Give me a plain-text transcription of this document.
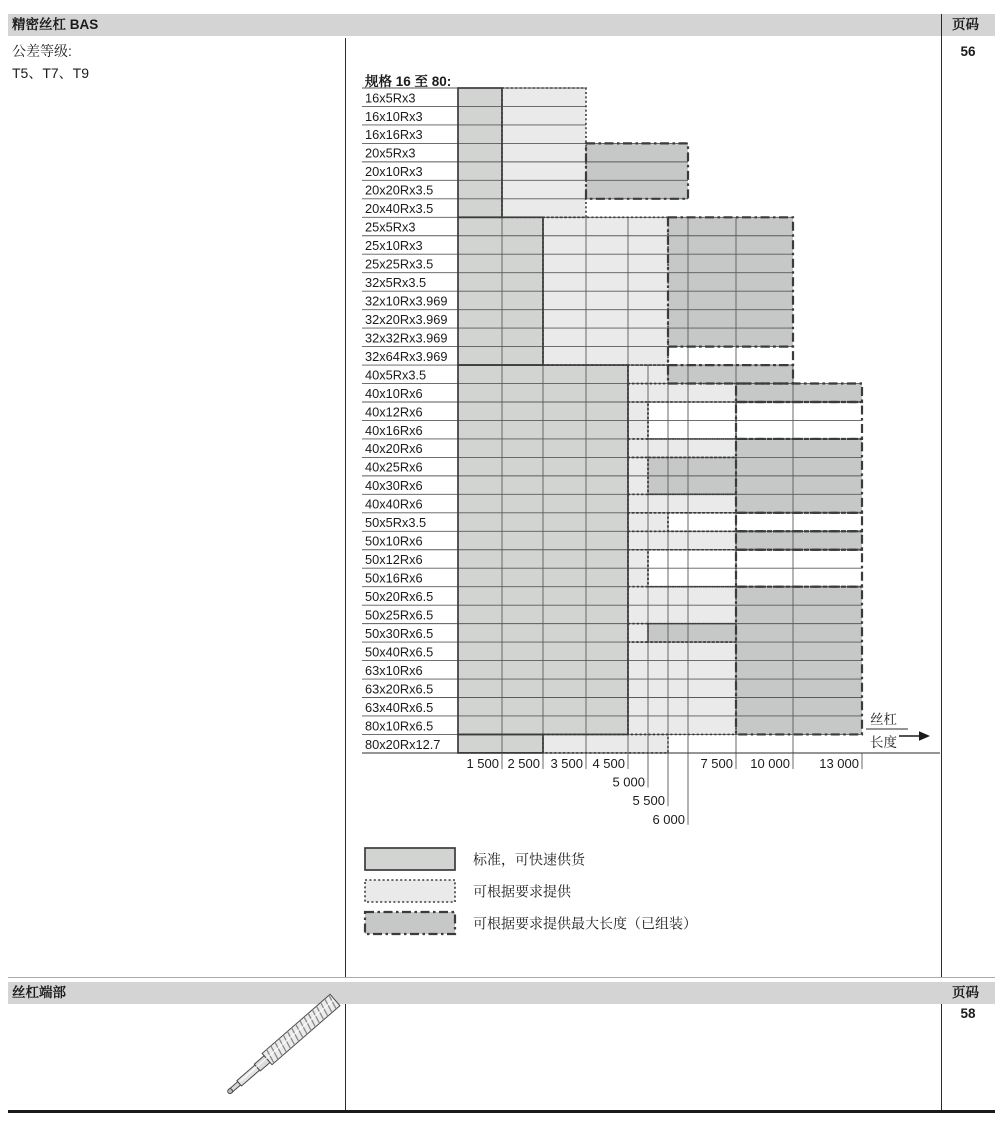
精密丝杠 BAS	页码
56
公差等级:
T5、T7、T9
规格 16 至 80:
16x5Rx3
16x10Rx3
16x16Rx3
20x5Rx3
20x10Rx3
20x20Rx3.5
20x40Rx3.5
25x5Rx3
25x10Rx3
25x25Rx3.5
32x5Rx3.5
32x10Rx3.969
32x20Rx3.969
32x32Rx3.969
32x64Rx3.969
40x5Rx3.5
40x10Rx6
40x12Rx6
40x16Rx6
40x20Rx6
40x25Rx6
40x30Rx6
40x40Rx6
50x5Rx3.5
50x10Rx6
50x12Rx6
50x16Rx6
50x20Rx6.5
50x25Rx6.5
50x30Rx6.5
50x40Rx6.5
63x10Rx6
63x20Rx6.5
63x40Rx6.5
80x10Rx6.5
80x20Rx12.7
1 500 2 500 3 500 4 500
5 000
5 500
6 000
7 500 10 000 13 000
丝杠
长度
标准，可快速供货
可根据要求提供
可根据要求提供最大长度（已组装）
丝杠端部	页码
58
